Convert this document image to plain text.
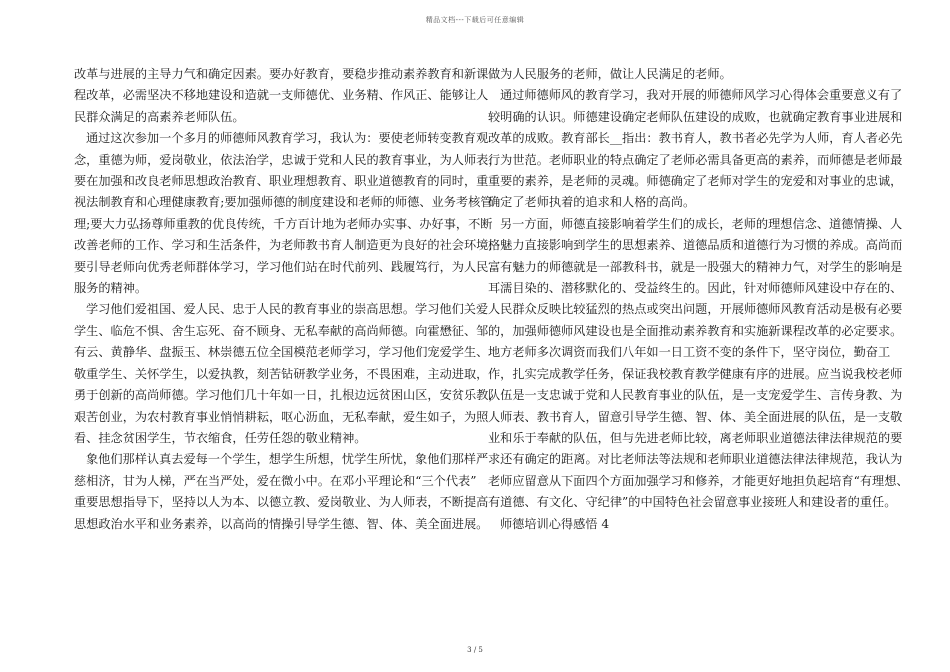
精品文档---下载后可任意编辑
改革与进展的主导力气和确定因素。要办好教育，要稳步推动素养教育和新课
程改革，必需坚决不移地建设和造就一支师德优、业务精、作风正、能够让人
民群众满足的高素养老师队伍。
通过这次参加一个多月的师德师风教育学习，我认为：要使老师转变教育观
念，重德为师，爱岗敬业，依法治学，忠诚于党和人民的教育事业，为人师表，
要在加强和改良老师思想政治教育、职业理想教育、职业道德教育的同时，重
视法制教育和心理健康教育;要加强师德的制度建设和老师的师德、业务考核管
理;要大力弘扬尊师重教的优良传统，千方百计地为老师办实事、办好事，不断
改善老师的工作、学习和生活条件，为老师教书育人制造更为良好的社会环境;
要引导老师向优秀老师群体学习，学习他们站在时代前列、践履笃行，为人民
服务的精神。
学习他们爱祖国、爱人民、忠于人民的教育事业的崇高思想。学习他们关爱
学生、临危不惧、舍生忘死、奋不顾身、无私奉献的高尚师德。向霍懋征、邹
有云、黄静华、盘振玉、林崇德五位全国模范老师学习，学习他们宠爱学生、
敬重学生、关怀学生，以爱执教，刻苦钻研教学业务，不畏困难，主动进取，
勇于创新的高尚师德。学习他们几十年如一日，扎根边远贫困山区，安贫乐教，
艰苦创业，为农村教育事业悄悄耕耘，呕心沥血，无私奉献，爱生如子，为照
看、挂念贫困学生，节衣缩食，任劳任怨的敬业精神。
象他们那样认真去爱每一个学生，想学生所想，忧学生所忧，象他们那样严
慈相济，甘为人梯，严在当严处，爱在微小中。在邓小平理论和“三个代表”
重要思想指导下，坚持以人为本、以德立教、爱岗敬业、为人师表，不断提高
思想政治水平和业务素养，以高尚的情操引导学生德、智、体、美全面进展。
做为人民服务的老师，做让人民满足的老师。
通过师德师风的教育学习，我对开展的师德师风学习心得体会重要意义有了
较明确的认识。师德建设确定老师队伍建设的成败，也就确定教育事业进展和
改革的成败。教育部长__指出：教书育人，教书者必先学为人师，育人者必先
行为世范。老师职业的特点确定了老师必需具备更高的素养，而师德是老师最
重要的素养，是老师的灵魂。师德确定了老师对学生的宠爱和对事业的忠诚，
确定了老师执着的追求和人格的高尚。
另一方面，师德直接影响着学生们的成长，老师的理想信念、道德情操、人
格魅力直接影响到学生的思想素养、道德品质和道德行为习惯的养成。高尚而
富有魅力的师德就是一部教科书，就是一股强大的精神力气，对学生的影响是
耳濡目染的、潜移默化的、受益终生的。因此，针对师德师风建设中存在的、
人民群众反映比较猛烈的热点或突出问题，开展师德师风教育活动是极有必要
的，加强师德师风建设也是全面推动素养教育和实施新课程改革的必定要求。
地方老师多次调资而我们八年如一日工资不变的条件下，坚守岗位，勤奋工
作，扎实完成教学任务，保证我校教育教学健康有序的进展。应当说我校老师
队伍是一支忠诚于党和人民教育事业的队伍，是一支宠爱学生、言传身教、为
人师表、教书育人，留意引导学生德、智、体、美全面进展的队伍，是一支敬
业和乐于奉献的队伍，但与先进老师比较，离老师职业道德法律法律规范的要
求还有确定的距离。对比老师法等法规和老师职业道德法律法律规范，我认为
老师应留意从下面四个方面加强学习和修养，才能更好地担负起培育“有理想、
有道德、有文化、守纪律”的中国特色社会留意事业接班人和建设者的重任。
师德培训心得感悟 4
3 / 5
